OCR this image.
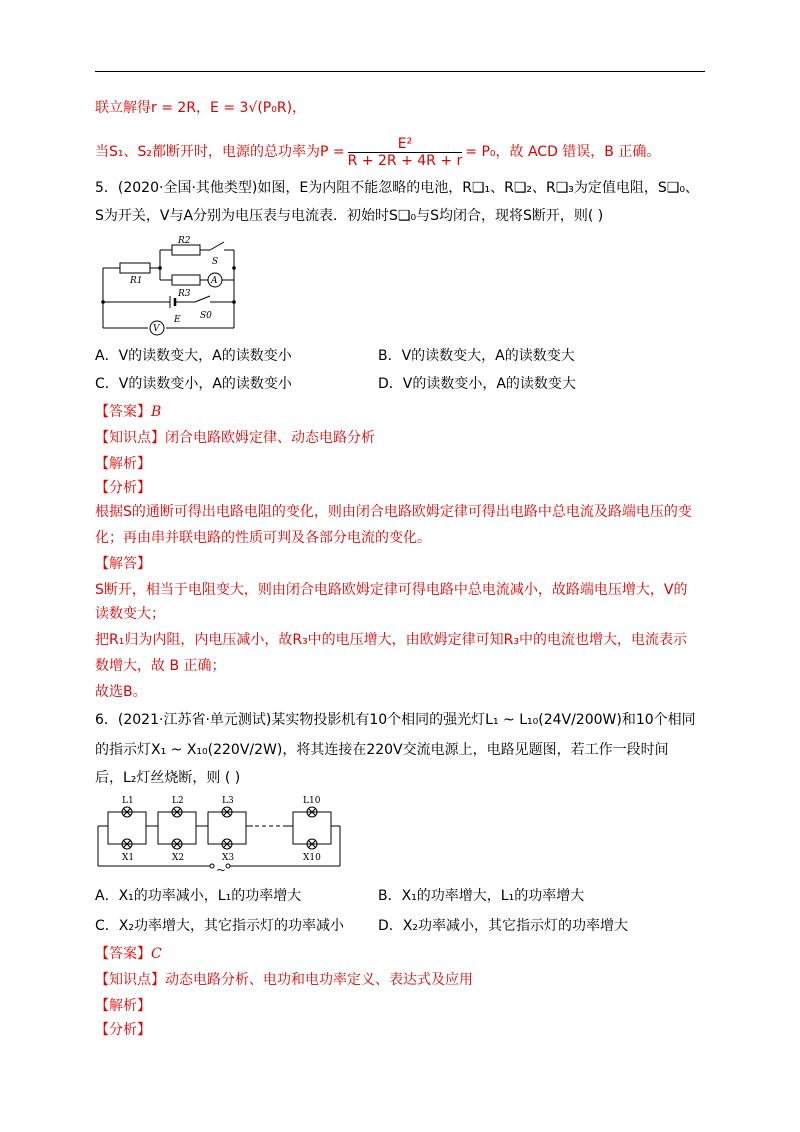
联立解得r = 2R，E = 3√(P₀R)，
当S₁、S₂都断开时，电源的总功率为$P = \frac{\text{E²}}{R + 2R + 4R + r} = P_0$，故 ACD 错误，B 正确。
5．(2020·全国·其他类型)如图，E为内阻不能忽略的电池，R❑₁、R❑₂、R❑₃为定值电阻，S❑₀、
S为开关，V与A分别为电压表与电流表．初始时S❑₀与S均闭合，现将S断开，则( )
R1
R2
R3
S
A
E S0
V
A．V的读数变大，A的读数变小	B．V的读数变大，A的读数变大
C．V的读数变小，A的读数变小	D．V的读数变小，A的读数变大
【答案】B
【知识点】闭合电路欧姆定律、动态电路分析
【解析】
【分析】
根据S的通断可得出电路电阻的变化，则由闭合电路欧姆定律可得出电路中总电流及路端电压的变
化；再由串并联电路的性质可判及各部分电流的变化。
【解答】
S断开，相当于电阻变大，则由闭合电路欧姆定律可得电路中总电流减小，故路端电压增大，V的
读数变大；
把R₁归为内阻，内电压减小，故R₃中的电压增大，由欧姆定律可知R₃中的电流也增大，电流表示
数增大，故 B 正确；
故选B。
6．(2021·江苏省·单元测试)某实物投影机有10个相同的强光灯L₁ ~ L₁₀(24V/200W)和10个相同
的指示灯X₁ ~ X₁₀(220V/2W)，将其连接在220V交流电源上，电路见题图，若工作一段时间
后，L₂灯丝烧断，则 ( )
L1	L2	L3	L10
X1	X2	X3	X10
~
A．X₁的功率减小，L₁的功率增大	B．X₁的功率增大，L₁的功率增大
C．X₂功率增大，其它指示灯的功率减小 D．X₂功率减小，其它指示灯的功率增大
【答案】C
【知识点】动态电路分析、电功和电功率定义、表达式及应用
【解析】
【分析】
